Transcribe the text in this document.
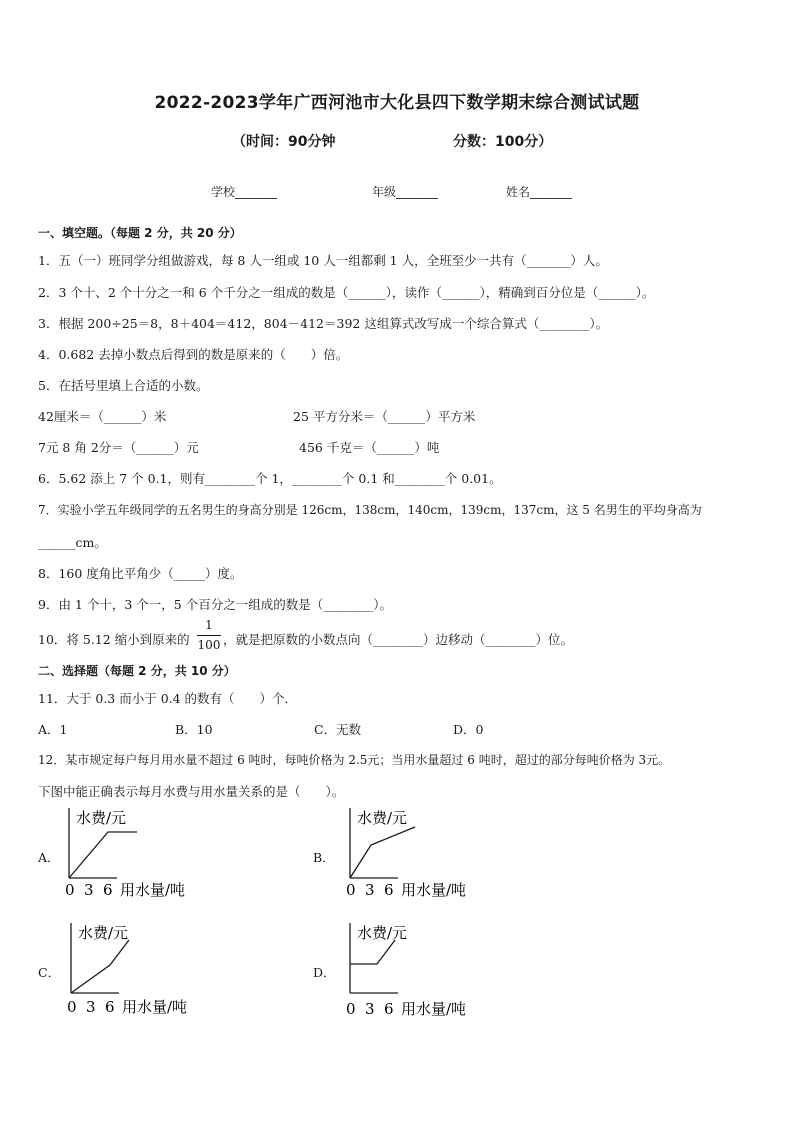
2022-2023学年广西河池市大化县四下数学期末综合测试试题
（时间：90分钟	分数：100分）
学校_______	年级_______	姓名_______
一、填空题。（每题 2 分，共 20 分）
1．五（一）班同学分组做游戏，每 8 人一组或 10 人一组都剩 1 人，全班至少一共有（_______）人。
2．3 个十、2 个十分之一和 6 个千分之一组成的数是（______），读作（______），精确到百分位是（______）。
3．根据 200÷25＝8，8＋404＝412，804－412＝392 这组算式改写成一个综合算式（________）。
4．0.682 去掉小数点后得到的数是原来的（　　）倍。
5．在括号里填上合适的小数。
42厘米＝（______）米	25 平方分米＝（______）平方米
7元 8 角 2分＝（______）元	456 千克＝（______）吨
6．5.62 添上 7 个 0.1，则有________个 1，________个 0.1 和________个 0.01。
7．实验小学五年级同学的五名男生的身高分别是 126cm，138cm，140cm，139cm，137cm，这 5 名男生的平均身高为
______cm。
8．160 度角比平角少（_____）度。
9．由 1 个十，3 个一，5 个百分之一组成的数是（________）。
10．将 5.12 缩小到原来的
1
100 ，就是把原数的小数点向（________）边移动（________）位。
二、选择题（每题 2 分，共 10 分）
11．大于 0.3 而小于 0.4 的数有（　　）个．
A．1	B．10	C．无数	D．0
12．某市规定每户每月用水量不超过 6 吨时，每吨价格为 2.5元；当用水量超过 6 吨时，超过的部分每吨价格为 3元。
下图中能正确表示每月水费与用水量关系的是（　　）。
A．
水费/元
0 3 6 用水量/吨
B．
水费/元
0 3 6 用水量/吨
C．
水费/元
0 3 6 用水量/吨
D．
水费/元
0 3 6 用水量/吨
